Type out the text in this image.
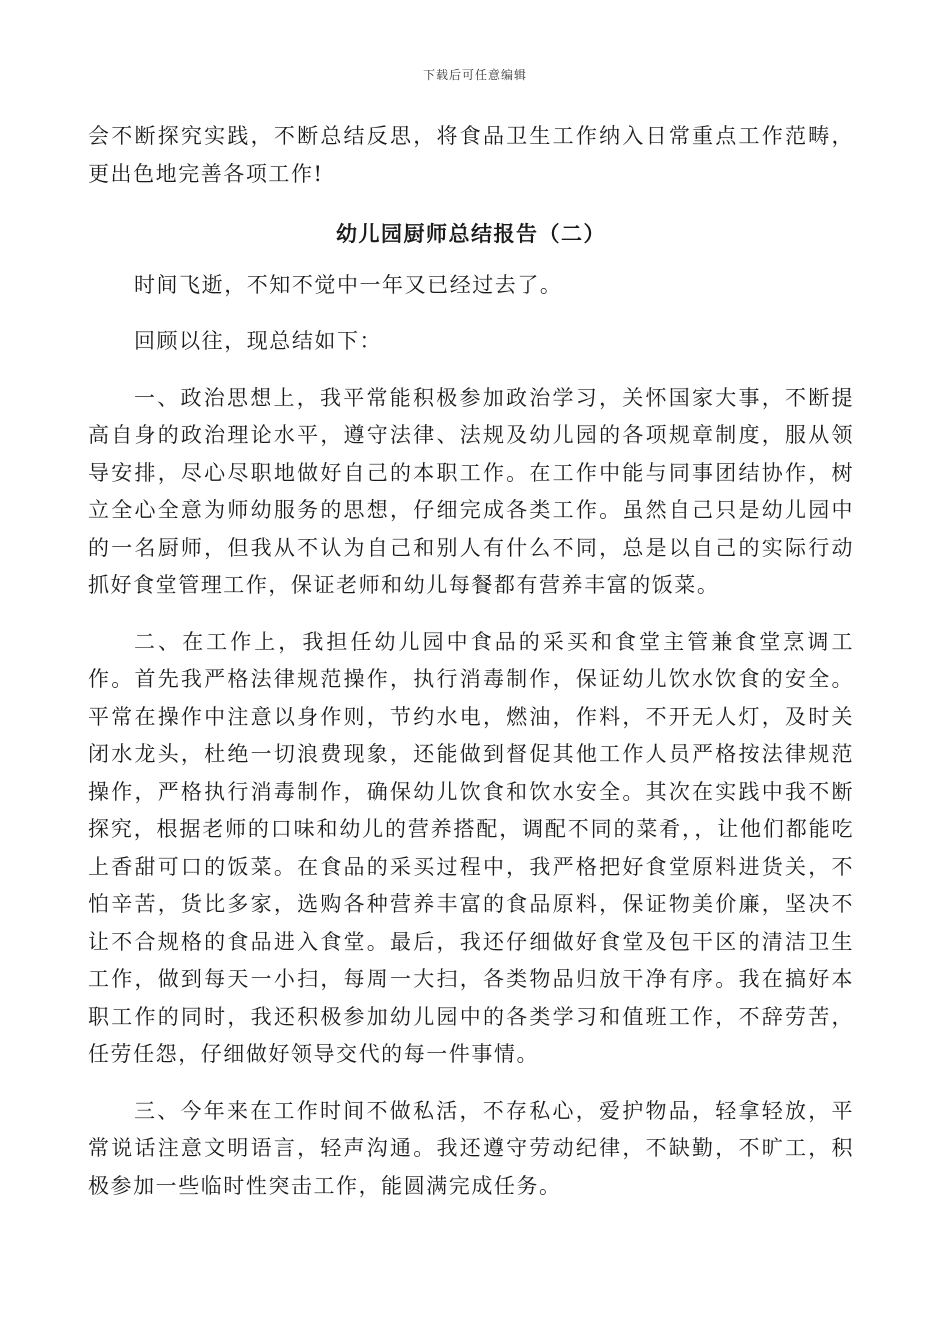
下载后可任意编辑

会不断探究实践，不断总结反思，将食品卫生工作纳入日常重点工作范畴，更出色地完善各项工作!

幼儿园厨师总结报告（二）

时间飞逝，不知不觉中一年又已经过去了。

回顾以往，现总结如下：

一、政治思想上，我平常能积极参加政治学习，关怀国家大事，不断提高自身的政治理论水平，遵守法律、法规及幼儿园的各项规章制度，服从领导安排，尽心尽职地做好自己的本职工作。在工作中能与同事团结协作，树立全心全意为师幼服务的思想，仔细完成各类工作。虽然自己只是幼儿园中的一名厨师，但我从不认为自己和别人有什么不同，总是以自己的实际行动抓好食堂管理工作，保证老师和幼儿每餐都有营养丰富的饭菜。

二、在工作上，我担任幼儿园中食品的采买和食堂主管兼食堂烹调工作。首先我严格法律规范操作，执行消毒制作，保证幼儿饮水饮食的安全。平常在操作中注意以身作则，节约水电，燃油，作料，不开无人灯，及时关闭水龙头，杜绝一切浪费现象，还能做到督促其他工作人员严格按法律规范操作，严格执行消毒制作，确保幼儿饮食和饮水安全。其次在实践中我不断探究，根据老师的口味和幼儿的营养搭配，调配不同的菜肴，，让他们都能吃上香甜可口的饭菜。在食品的采买过程中，我严格把好食堂原料进货关，不怕辛苦，货比多家，选购各种营养丰富的食品原料，保证物美价廉，坚决不让不合规格的食品进入食堂。最后，我还仔细做好食堂及包干区的清洁卫生工作，做到每天一小扫，每周一大扫，各类物品归放干净有序。我在搞好本职工作的同时，我还积极参加幼儿园中的各类学习和值班工作，不辞劳苦，任劳任怨，仔细做好领导交代的每一件事情。

三、今年来在工作时间不做私活，不存私心，爱护物品，轻拿轻放，平常说话注意文明语言，轻声沟通。我还遵守劳动纪律，不缺勤，不旷工，积极参加一些临时性突击工作，能圆满完成任务。
